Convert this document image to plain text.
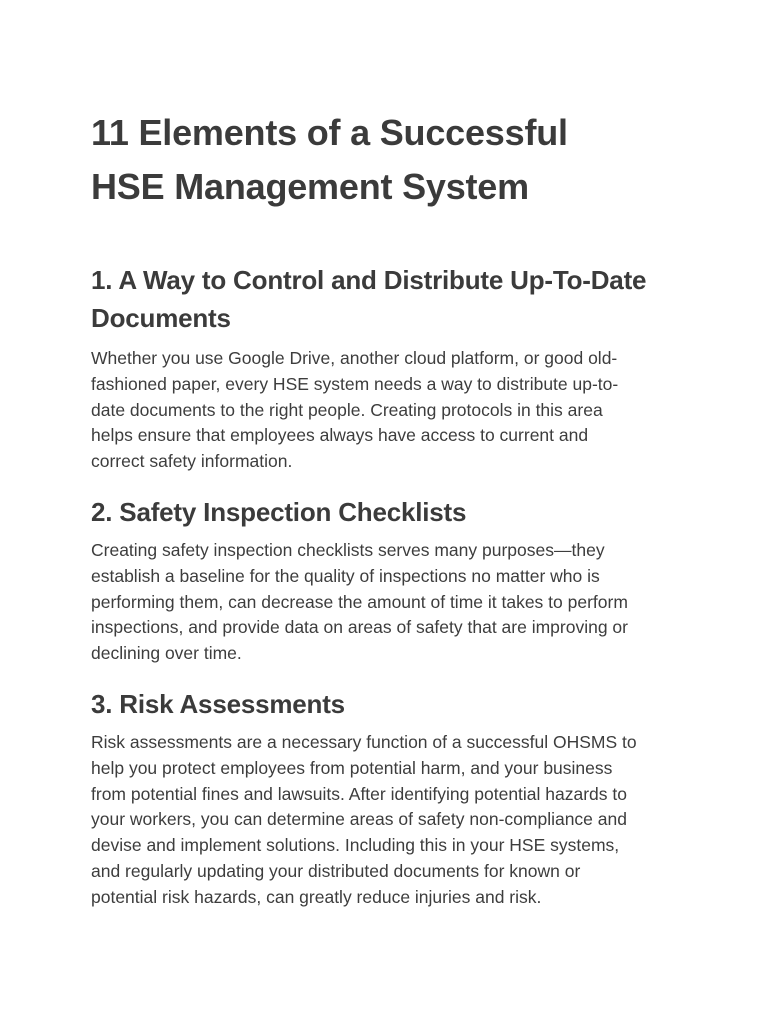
11 Elements of a Successful
HSE Management System
1. A Way to Control and Distribute Up-To-Date
Documents

Whether you use Google Drive, another cloud platform, or good old-
fashioned paper, every HSE system needs a way to distribute up-to-
date documents to the right people. Creating protocols in this area
helps ensure that employees always have access to current and
correct safety information.

2. Safety Inspection Checklists

Creating safety inspection checklists serves many purposes—they
establish a baseline for the quality of inspections no matter who is
performing them, can decrease the amount of time it takes to perform
inspections, and provide data on areas of safety that are improving or
declining over time.

3. Risk Assessments

Risk assessments are a necessary function of a successful OHSMS to
help you protect employees from potential harm, and your business
from potential fines and lawsuits. After identifying potential hazards to
your workers, you can determine areas of safety non-compliance and
devise and implement solutions. Including this in your HSE systems,
and regularly updating your distributed documents for known or
potential risk hazards, can greatly reduce injuries and risk.
